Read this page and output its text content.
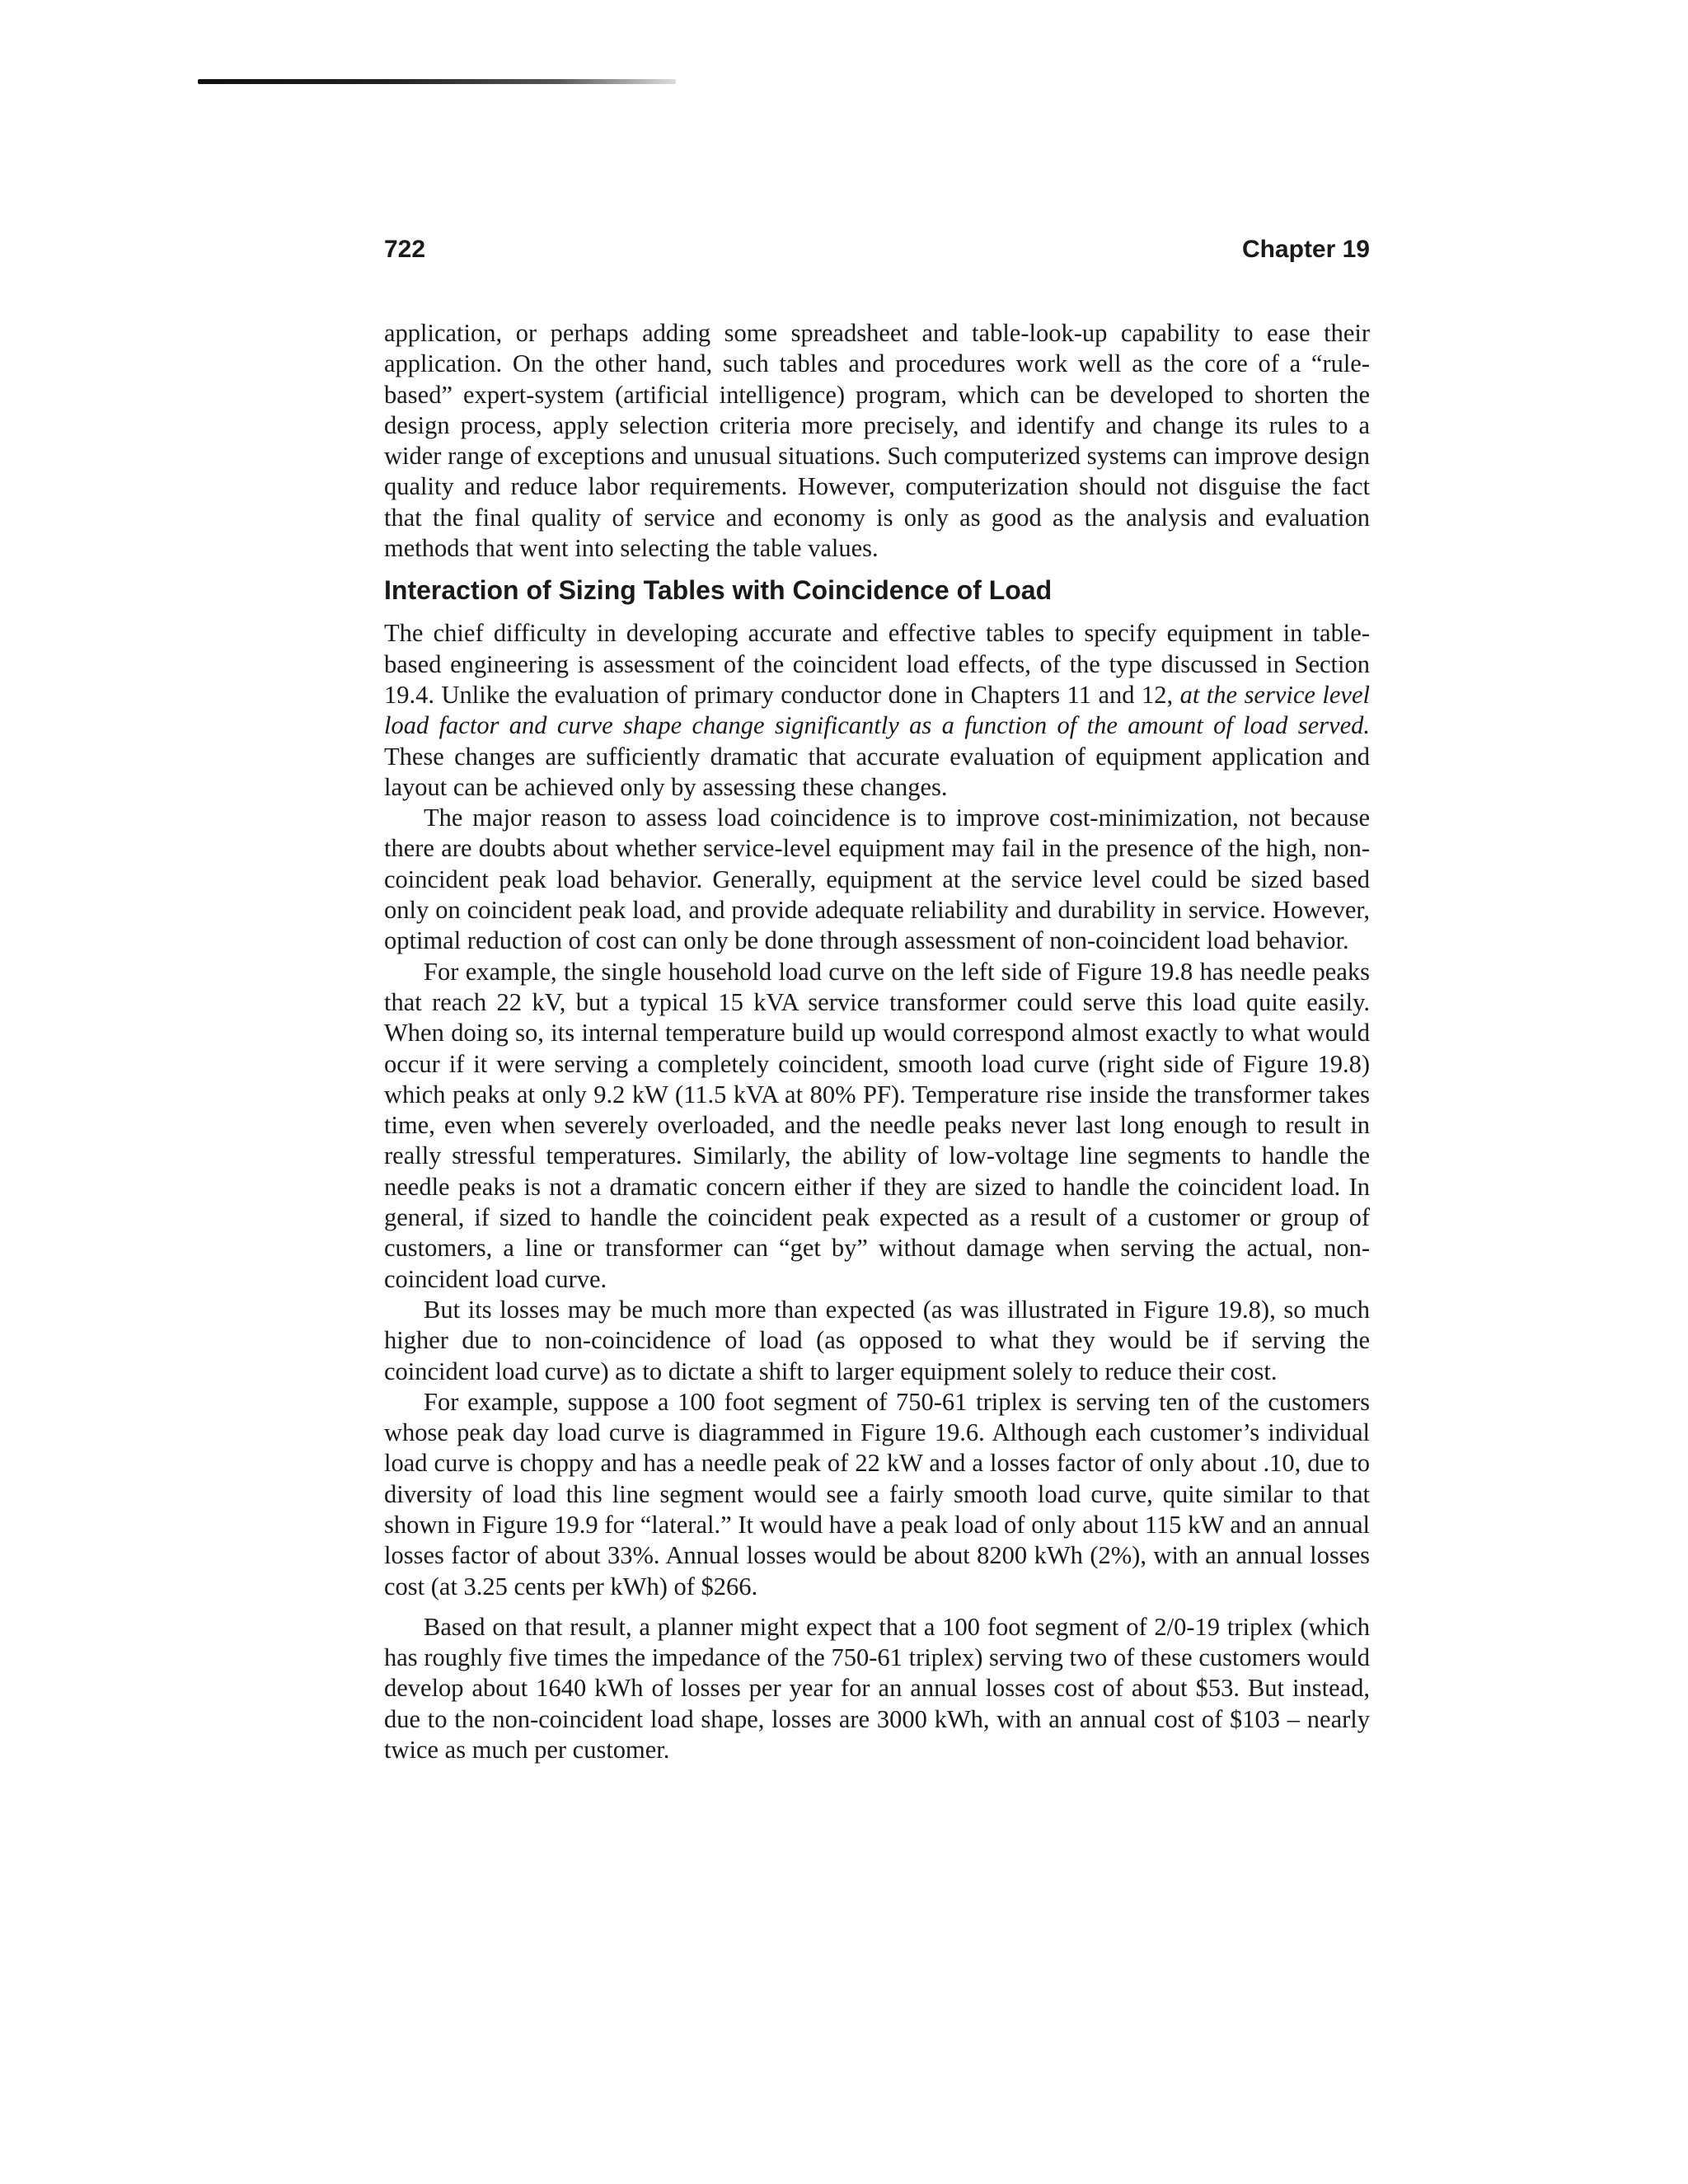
722	Chapter 19

application, or perhaps adding some spreadsheet and table-look-up capability to ease their application. On the other hand, such tables and procedures work well as the core of a “rule-based” expert-system (artificial intelligence) program, which can be developed to shorten the design process, apply selection criteria more precisely, and identify and change its rules to a wider range of exceptions and unusual situations. Such computerized systems can improve design quality and reduce labor requirements. However, computerization should not disguise the fact that the final quality of service and economy is only as good as the analysis and evaluation methods that went into selecting the table values.

Interaction of Sizing Tables with Coincidence of Load

The chief difficulty in developing accurate and effective tables to specify equipment in table-based engineering is assessment of the coincident load effects, of the type discussed in Section 19.4. Unlike the evaluation of primary conductor done in Chapters 11 and 12, at the service level load factor and curve shape change significantly as a function of the amount of load served. These changes are sufficiently dramatic that accurate evaluation of equipment application and layout can be achieved only by assessing these changes.

The major reason to assess load coincidence is to improve cost-minimization, not because there are doubts about whether service-level equipment may fail in the presence of the high, non-coincident peak load behavior. Generally, equipment at the service level could be sized based only on coincident peak load, and provide adequate reliability and durability in service. However, optimal reduction of cost can only be done through assessment of non-coincident load behavior.

For example, the single household load curve on the left side of Figure 19.8 has needle peaks that reach 22 kV, but a typical 15 kVA service transformer could serve this load quite easily. When doing so, its internal temperature build up would correspond almost exactly to what would occur if it were serving a completely coincident, smooth load curve (right side of Figure 19.8) which peaks at only 9.2 kW (11.5 kVA at 80% PF). Temperature rise inside the transformer takes time, even when severely overloaded, and the needle peaks never last long enough to result in really stressful temperatures. Similarly, the ability of low-voltage line segments to handle the needle peaks is not a dramatic concern either if they are sized to handle the coincident load. In general, if sized to handle the coincident peak expected as a result of a customer or group of customers, a line or transformer can “get by” without damage when serving the actual, non-coincident load curve.

But its losses may be much more than expected (as was illustrated in Figure 19.8), so much higher due to non-coincidence of load (as opposed to what they would be if serving the coincident load curve) as to dictate a shift to larger equipment solely to reduce their cost.

For example, suppose a 100 foot segment of 750-61 triplex is serving ten of the customers whose peak day load curve is diagrammed in Figure 19.6. Although each customer’s individual load curve is choppy and has a needle peak of 22 kW and a losses factor of only about .10, due to diversity of load this line segment would see a fairly smooth load curve, quite similar to that shown in Figure 19.9 for “lateral.” It would have a peak load of only about 115 kW and an annual losses factor of about 33%. Annual losses would be about 8200 kWh (2%), with an annual losses cost (at 3.25 cents per kWh) of $266.

Based on that result, a planner might expect that a 100 foot segment of 2/0-19 triplex (which has roughly five times the impedance of the 750-61 triplex) serving two of these customers would develop about 1640 kWh of losses per year for an annual losses cost of about $53. But instead, due to the non-coincident load shape, losses are 3000 kWh, with an annual cost of $103 – nearly twice as much per customer.
